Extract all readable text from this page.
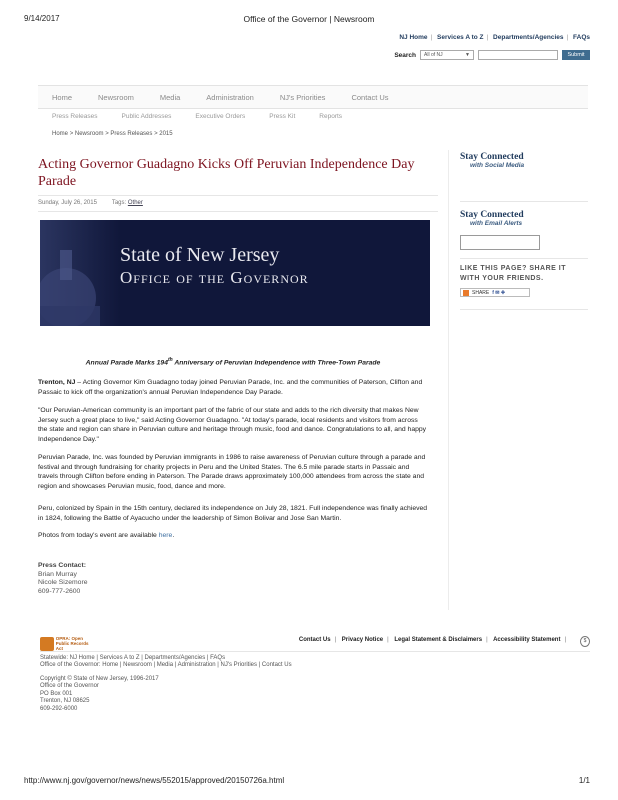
9/14/2017	Office of the Governor | Newsroom
NJ Home | Services A to Z | Departments/Agencies | FAQs
Search All of NJ	▼	Submit
Home	Newsroom	Media	Administration	NJ's Priorities	Contact Us
Press Releases	Public Addresses	Executive Orders	Press Kit	Reports
Home > Newsroom > Press Releases > 2015
Acting Governor Guadagno Kicks Off Peruvian Independence Day Parade
Sunday, July 26, 2015 Tags: Other
State of New Jersey
Office of the Governor
Stay Connected
with Social Media
Stay Connected
with Email Alerts
LIKE THIS PAGE? SHARE IT
WITH YOUR FRIENDS.
SHARE f ✉ ✚
Annual Parade Marks 194th Anniversary of Peruvian Independence with Three-Town Parade
Trenton, NJ – Acting Governor Kim Guadagno today joined Peruvian Parade, Inc. and the communities of Paterson, Clifton and Passaic to kick off the organization's annual Peruvian Independence Day Parade.
"Our Peruvian-American community is an important part of the fabric of our state and adds to the rich diversity that makes New Jersey such a great place to live," said Acting Governor Guadagno. "At today's parade, local residents and visitors from across the state and region can share in Peruvian culture and heritage through music, food and dance. Congratulations to all, and happy Independence Day."
Peruvian Parade, Inc. was founded by Peruvian immigrants in 1986 to raise awareness of Peruvian culture through a parade and festival and through fundraising for charity projects in Peru and the United States. The 6.5 mile parade starts in Passaic and travels through Clifton before ending in Paterson. The Parade draws approximately 100,000 attendees from across the state and region and showcases Peruvian music, food, dance and more.
Peru, colonized by Spain in the 15th century, declared its independence on July 28, 1821. Full independence was finally achieved in 1824, following the Battle of Ayacucho under the leadership of Simon Bolivar and Jose San Martin.
Photos from today's event are available here.
Press Contact:
Brian Murray
Nicole Sizemore
609-777-2600
OPRA: Open
Public Records Act
Contact Us | Privacy Notice | Legal Statement & Disclaimers | Accessibility Statement |	$
Statewide: NJ Home | Services A to Z | Departments/Agencies | FAQs
Office of the Governor: Home | Newsroom | Media | Administration | NJ's Priorities | Contact Us
Copyright © State of New Jersey, 1996-2017
Office of the Governor
PO Box 001
Trenton, NJ 08625
609-292-6000
http://www.nj.gov/governor/news/news/552015/approved/20150726a.html	1/1
